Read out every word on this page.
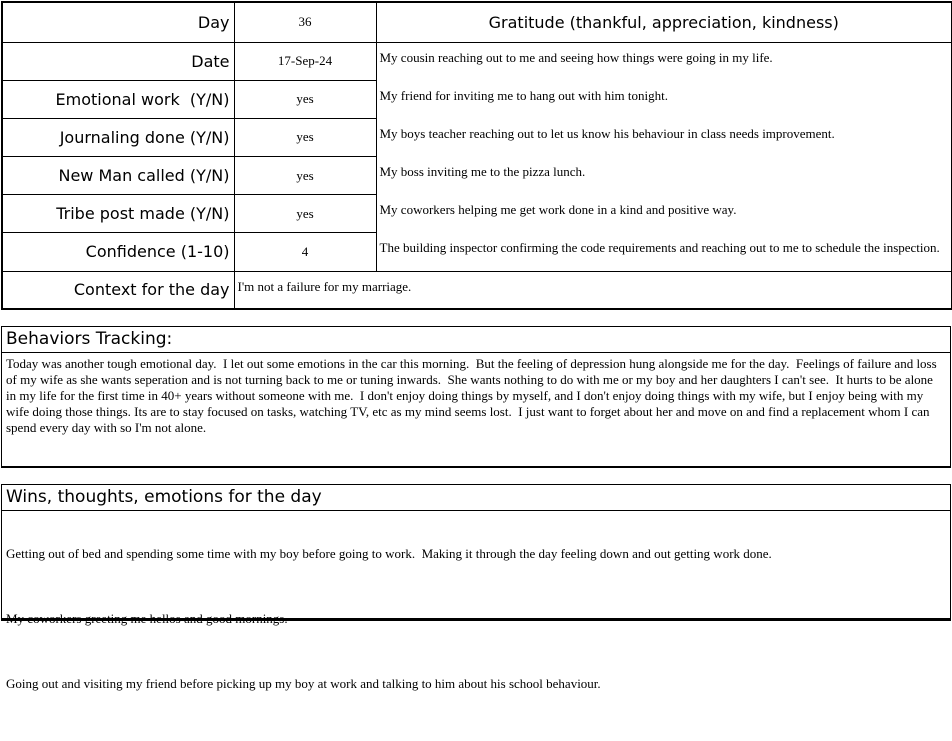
Day	36	Gratitude (thankful, appreciation, kindness)
Date	17-Sep-24	My cousin reaching out to me and seeing how things were going in my life.
My friend for inviting me to hang out with him tonight.
My boys teacher reaching out to let us know his behaviour in class needs improvement.
My boss inviting me to the pizza lunch.
My coworkers helping me get work done in a kind and positive way.
The building inspector confirming the code requirements and reaching out to me to schedule the inspection.

Emotional work  (Y/N)	yes	
Journaling done (Y/N)	yes	
New Man called (Y/N)	yes	
Tribe post made (Y/N)	yes	
Confidence (1-10)	4	
Context for the day	I'm not a failure for my marriage.	
Behaviors Tracking:
Today was another tough emotional day.  I let out some emotions in the car this morning.  But the feeling of depression hung alongside me for the day.  Feelings of failure and loss of my wife as she wants seperation and is not turning back to me or tuning inwards.  She wants nothing to do with me or my boy and her daughters I can't see.  It hurts to be alone in my life for the first time in 40+ years without someone with me.  I don't enjoy doing things by myself, and I don't enjoy doing things with my wife, but I enjoy being with my wife doing those things. Its are to stay focused on tasks, watching TV, etc as my mind seems lost.  I just want to forget about her and move on and find a replacement whom I can spend every day with so I'm not alone.
Wins, thoughts, emotions for the day

Getting out of bed and spending some time with my boy before going to work.  Making it through the day feeling down and out getting work done.

My coworkers greeting me hellos and good mornings.

Going out and visiting my friend before picking up my boy at work and talking to him about his school behaviour.
